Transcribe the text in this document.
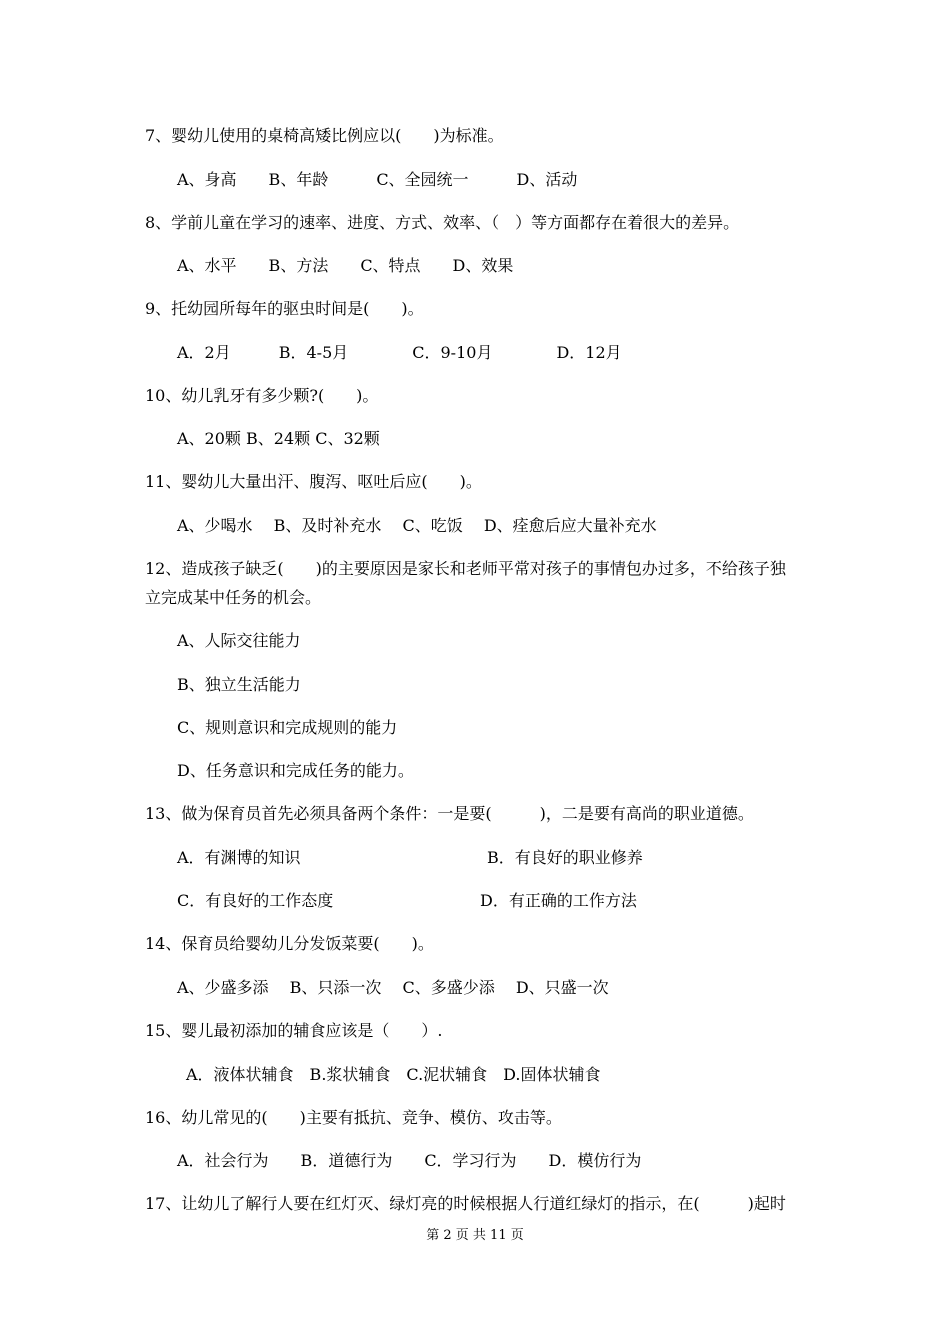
7、婴幼儿使用的桌椅高矮比例应以(　　)为标准。
A、身高　　B、年龄　　　C、全园统一　　　D、活动
8、学前儿童在学习的速率、进度、方式、效率、（　）等方面都存在着很大的差异。
A、水平　　B、方法　　C、特点　　D、效果
9、托幼园所每年的驱虫时间是(　　)。
A．2月　　　B．4-5月　　　　C．9-10月　　　　D．12月
10、幼儿乳牙有多少颗?(　　)。
A、20颗 B、24颗 C、32颗
11、婴幼儿大量出汗、腹泻、呕吐后应(　　)。
A、少喝水　 B、及时补充水　 C、吃饭　 D、痊愈后应大量补充水
12、造成孩子缺乏(　　)的主要原因是家长和老师平常对孩子的事情包办过多，不给孩子独
立完成某中任务的机会。
A、人际交往能力
B、独立生活能力
C、规则意识和完成规则的能力
D、任务意识和完成任务的能力。
13、做为保育员首先必须具备两个条件：一是要(　　　)，二是要有高尚的职业道德。
A．有渊博的知识	B．有良好的职业修养
C．有良好的工作态度	D．有正确的工作方法
14、保育员给婴幼儿分发饭菜要(　　)。
A、少盛多添　 B、只添一次　 C、多盛少添　 D、只盛一次
15、婴儿最初添加的辅食应该是（　　）.
A．液体状辅食　B.浆状辅食　C.泥状辅食　D.固体状辅食
16、幼儿常见的(　　)主要有抵抗、竞争、模仿、攻击等。
A．社会行为　　B．道德行为　　C．学习行为　　D．模仿行为
17、让幼儿了解行人要在红灯灭、绿灯亮的时候根据人行道红绿灯的指示，在(　　　)起时
第 2 页 共 11 页
